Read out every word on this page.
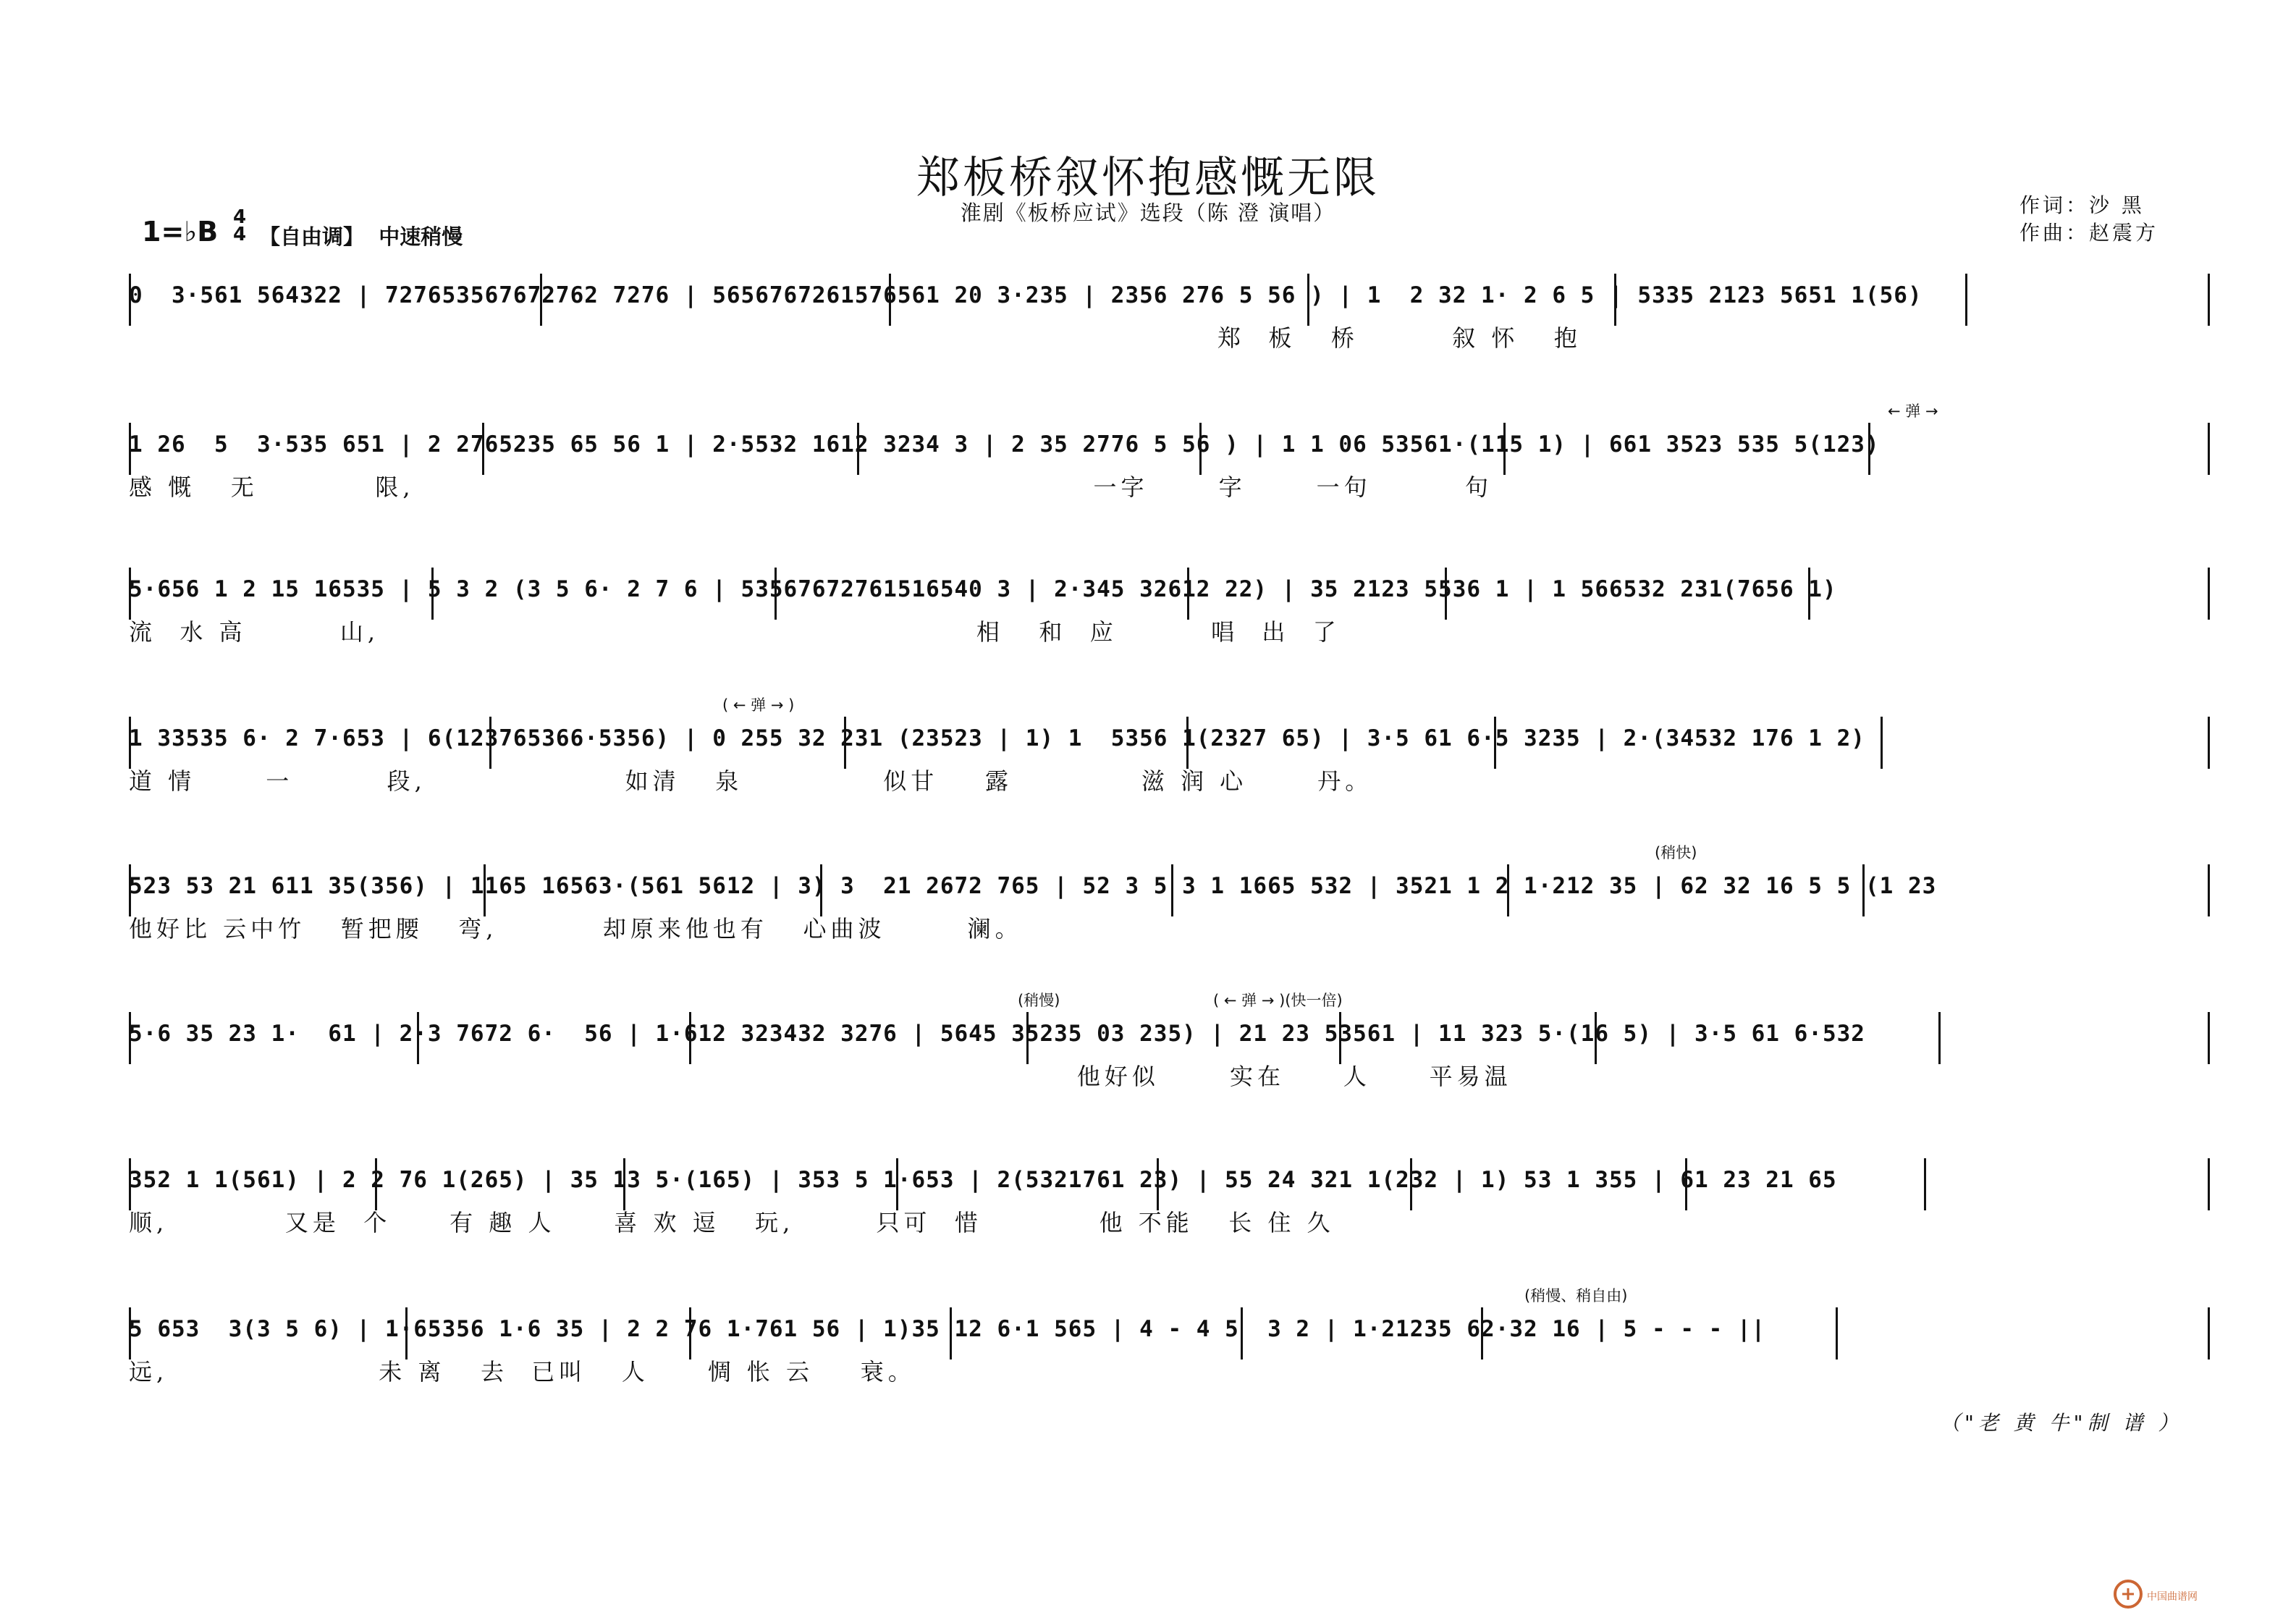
郑板桥叙怀抱感慨无限
淮剧《板桥应试》选段（陈 澄 演唱）	作词：沙 黑
作曲：赵震方
1=♭B 4
4 【自由调】  中速稍慢
0  3·561 564322 | 727653567672762 7276 | 5656767261576561 20 3·235 | 2356 276 5 56 ) | 1  2 32 1· 2 6 5 | 5335 2123 5651 1(56)
郑  板   桥        叙 怀   抱
1 26  5  3·535 651 | 2 2765235 65 56 1 | 2·5532 1612 3234 3 | 2 35 2776 5 56 ) | 1 1 06 53561·(115 1) | 661 3523 535 5(123)
感 慨   无          限,                                                          一字      字      一句        句
← 弹 →
5·656 1 2 15 16535 | 5 3 2 (3 5 6· 2 7 6 | 53567672761516540 3 | 2·345 32612 22) | 35 2123 5536 1 | 1 566532 231(7656 1)
流  水 高        山,                                                   相   和  应        唱  出  了
1 33535 6· 2 7·653 | 6(123765366·5356) | 0 255 32 231 (23523 | 1) 1  5356 1(2327 65) | 3·5 61 6·5 3235 | 2·(34532 176 1 2)
道 情      一        段,                 如清   泉            似甘    露           滋 润 心      丹。
( ← 弹 → )
523 53 21 611 35(356) | 1165 16563·(561 5612 | 3) 3  21 2672 765 | 52 3 5 3 1 1665 532 | 3521 1 2 1·212 35 | 62 32 16 5 5 (1 23
他好比 云中竹   暂把腰   弯,         却原来他也有   心曲波       澜。
(稍快)
5·6 35 23 1·  61 | 2·3 7672 6·  56 | 1·612 323432 3276 | 5645 35235 03 235) | 21 23 53561 | 11 323 5·(16 5) | 3·5 61 6·532
他好似      实在     人     平易温
(稍慢)	( ← 弹 → )(快一倍)
352 1 1(561) | 2 2 76 1(265) | 35 13 5·(165) | 353 5 1·653 | 2(5321761 23) | 55 24 321 1(232 | 1) 53 1 355 | 61 23 21 65
顺,          又是  个     有 趣 人     喜 欢 逗   玩,       只可  惜          他 不能   长 住 久
5 653  3(3 5 6) | 1·65356 1·6 35 | 2 2 76 1·761 56 | 1)35 12 6·1 565 | 4 - 4 5  3 2 | 1·21235 62·32 16 | 5 - - - ||
远,                  未 离   去  已叫   人     惆 怅 云    衰。
(稍慢、稍自由)
（"老 黄 牛"制 谱 ）
中国曲谱网
